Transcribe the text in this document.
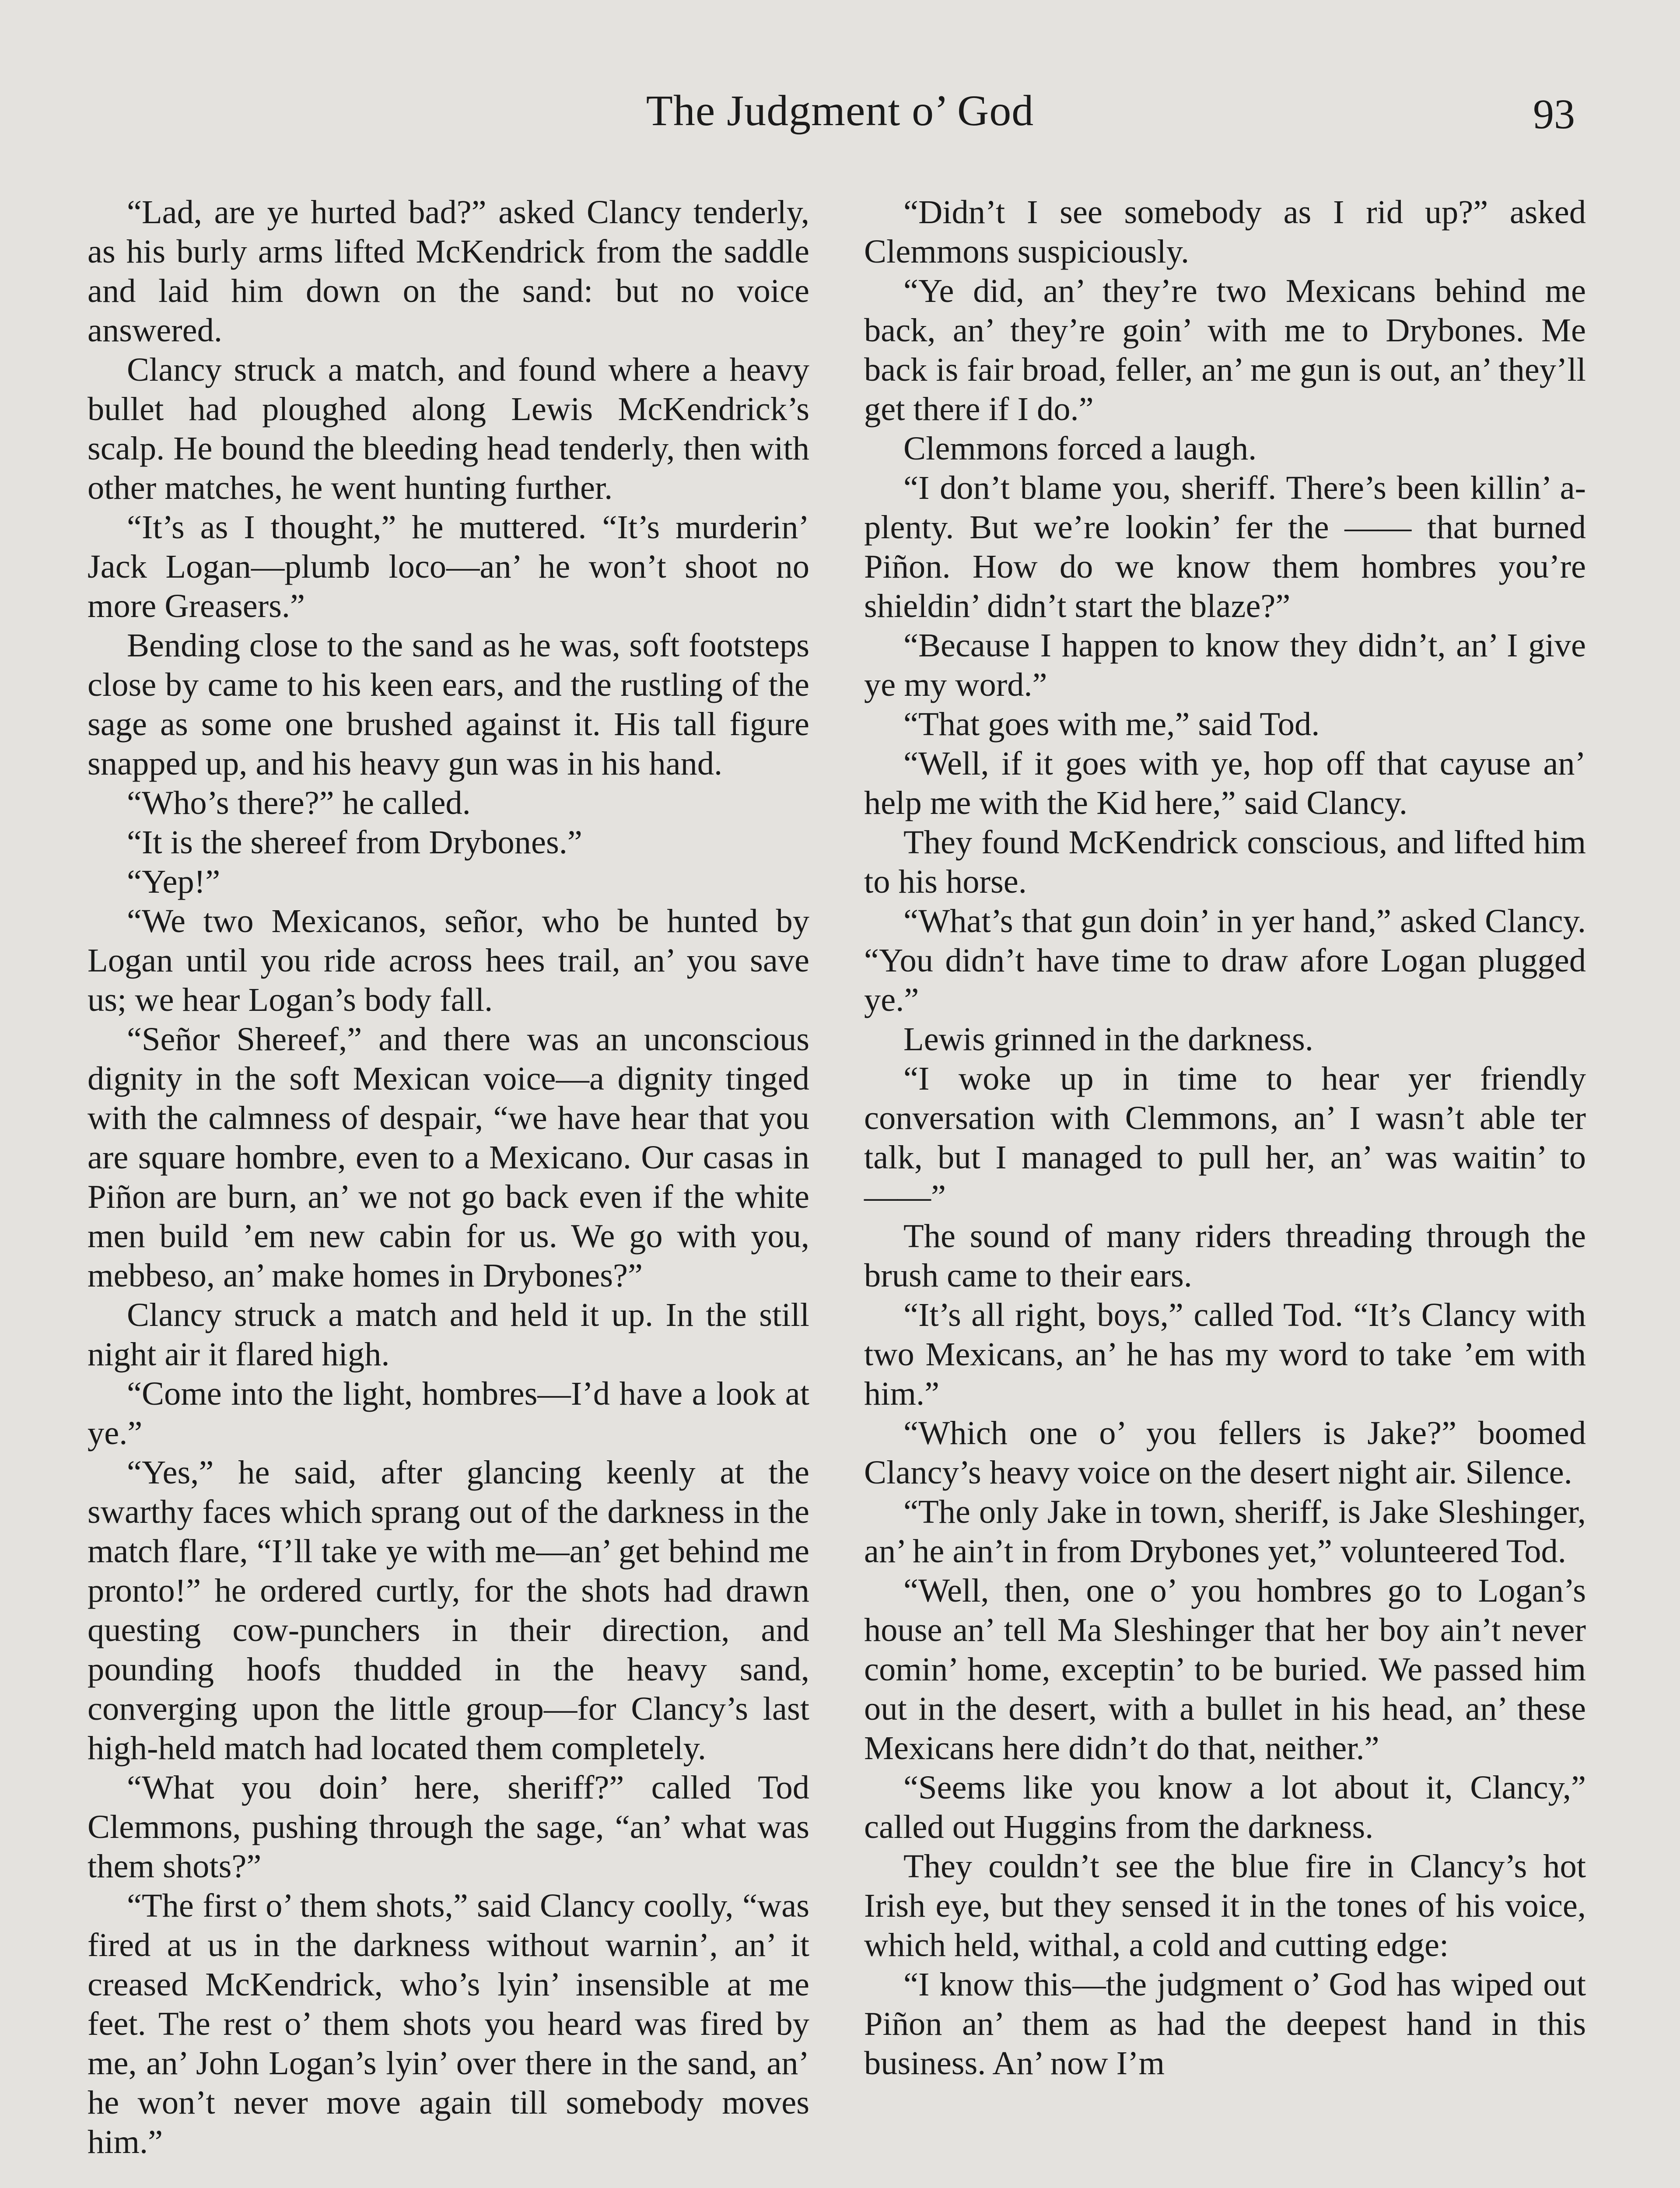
The Judgment o’ God	93

“Lad, are ye hurted bad?” asked Clancy tenderly, as his burly arms lifted McKendrick from the saddle and laid him down on the sand: but no voice answered.

Clancy struck a match, and found where a heavy bullet had ploughed along Lewis McKendrick’s scalp. He bound the bleeding head tenderly, then with other matches, he went hunting further.

“It’s as I thought,” he muttered. “It’s murderin’ Jack Logan—plumb loco—an’ he won’t shoot no more Greasers.”

Bending close to the sand as he was, soft footsteps close by came to his keen ears, and the rustling of the sage as some one brushed against it. His tall figure snapped up, and his heavy gun was in his hand.

“Who’s there?” he called.

“It is the shereef from Drybones.”

“Yep!”

“We two Mexicanos, señor, who be hunted by Logan until you ride across hees trail, an’ you save us; we hear Logan’s body fall.

“Señor Shereef,” and there was an unconscious dignity in the soft Mexican voice—a dignity tinged with the calmness of despair, “we have hear that you are square hombre, even to a Mexicano. Our casas in Piñon are burn, an’ we not go back even if the white men build ’em new cabin for us. We go with you, mebbeso, an’ make homes in Drybones?”

Clancy struck a match and held it up. In the still night air it flared high.

“Come into the light, hombres—I’d have a look at ye.”

“Yes,” he said, after glancing keenly at the swarthy faces which sprang out of the darkness in the match flare, “I’ll take ye with me—an’ get behind me pronto!” he ordered curtly, for the shots had drawn questing cow-punchers in their direction, and pounding hoofs thudded in the heavy sand, converging upon the little group—for Clancy’s last high-held match had located them completely.

“What you doin’ here, sheriff?” called Tod Clemmons, pushing through the sage, “an’ what was them shots?”

“The first o’ them shots,” said Clancy coolly, “was fired at us in the darkness without warnin’, an’ it creased McKendrick, who’s lyin’ insensible at me feet. The rest o’ them shots you heard was fired by me, an’ John Logan’s lyin’ over there in the sand, an’ he won’t never move again till somebody moves him.”

“Didn’t I see somebody as I rid up?” asked Clemmons suspiciously.

“Ye did, an’ they’re two Mexicans behind me back, an’ they’re goin’ with me to Drybones. Me back is fair broad, feller, an’ me gun is out, an’ they’ll get there if I do.”

Clemmons forced a laugh.

“I don’t blame you, sheriff. There’s been killin’ a-plenty. But we’re lookin’ fer the —— that burned Piñon. How do we know them hombres you’re shieldin’ didn’t start the blaze?”

“Because I happen to know they didn’t, an’ I give ye my word.”

“That goes with me,” said Tod.

“Well, if it goes with ye, hop off that cayuse an’ help me with the Kid here,” said Clancy.

They found McKendrick conscious, and lifted him to his horse.

“What’s that gun doin’ in yer hand,” asked Clancy. “You didn’t have time to draw afore Logan plugged ye.”

Lewis grinned in the darkness.

“I woke up in time to hear yer friendly conversation with Clemmons, an’ I wasn’t able ter talk, but I managed to pull her, an’ was waitin’ to——”

The sound of many riders threading through the brush came to their ears.

“It’s all right, boys,” called Tod. “It’s Clancy with two Mexicans, an’ he has my word to take ’em with him.”

“Which one o’ you fellers is Jake?” boomed Clancy’s heavy voice on the desert night air. Silence.

“The only Jake in town, sheriff, is Jake Sleshinger, an’ he ain’t in from Drybones yet,” volunteered Tod.

“Well, then, one o’ you hombres go to Logan’s house an’ tell Ma Sleshinger that her boy ain’t never comin’ home, exceptin’ to be buried. We passed him out in the desert, with a bullet in his head, an’ these Mexicans here didn’t do that, neither.”

“Seems like you know a lot about it, Clancy,” called out Huggins from the darkness.

They couldn’t see the blue fire in Clancy’s hot Irish eye, but they sensed it in the tones of his voice, which held, withal, a cold and cutting edge:

“I know this—the judgment o’ God has wiped out Piñon an’ them as had the deepest hand in this business. An’ now I’m
